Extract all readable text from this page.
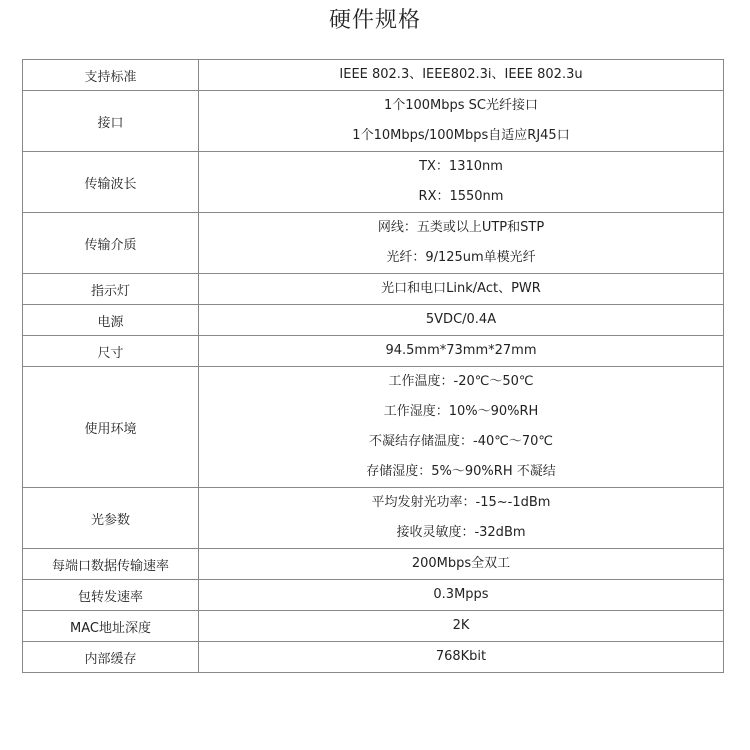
硬件规格
支持标准	IEEE 802.3、IEEE802.3i、IEEE 802.3u

接口	1个100Mbps SC光纤接口
1个10Mbps/100Mbps自适应RJ45口

传输波长	TX：1310nm
RX：1550nm

传输介质	网线：五类或以上UTP和STP
光纤：9/125um单模光纤

指示灯	光口和电口Link/Act、PWR

电源	5VDC/0.4A

尺寸	94.5mm*73mm*27mm

使用环境	工作温度：-20℃～50℃
工作湿度：10%～90%RH
不凝结存储温度：-40℃～70℃
存储湿度：5%～90%RH 不凝结

光参数	平均发射光功率：-15~-1dBm
接收灵敏度：-32dBm

每端口数据传输速率	200Mbps全双工

包转发速率	0.3Mpps

MAC地址深度	2K

内部缓存	768Kbit
